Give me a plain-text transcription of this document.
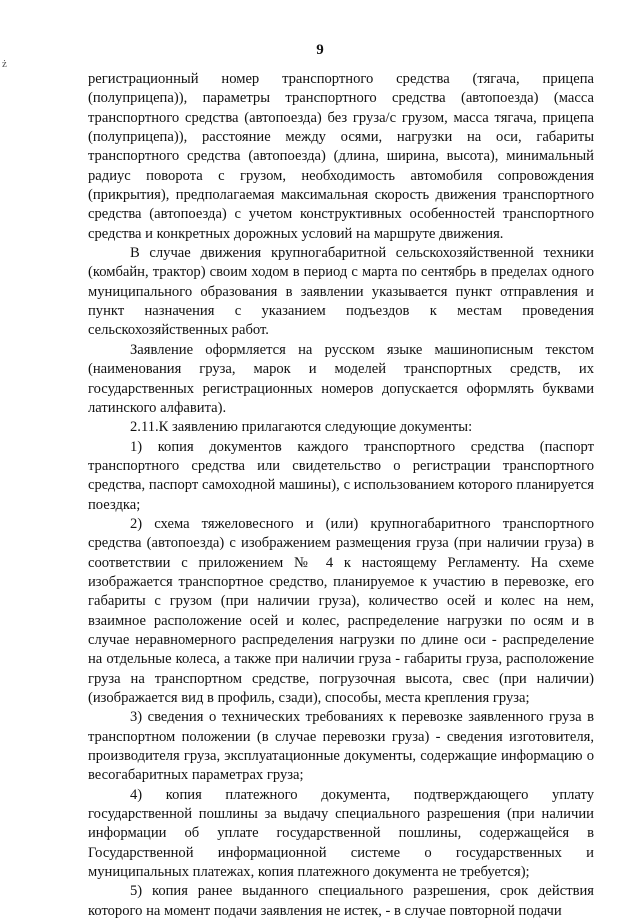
ż
9

регистрационный номер транспортного средства (тягача, прицепа (полуприцепа)), параметры транспортного средства (автопоезда) (масса транспортного средства (автопоезда) без груза/с грузом, масса тягача, прицепа (полуприцепа)), расстояние между осями, нагрузки на оси, габариты транспортного средства (автопоезда) (длина, ширина, высота), минимальный радиус поворота с грузом, необходимость автомобиля сопровождения (прикрытия), предполагаемая максимальная скорость движения транспортного средства (автопоезда) с учетом конструктивных особенностей транспортного средства и конкретных дорожных условий на маршруте движения.

В случае движения крупногабаритной сельскохозяйственной техники (комбайн, трактор) своим ходом в период с марта по сентябрь в пределах одного муниципального образования в заявлении указывается пункт отправления и пункт назначения с указанием подъездов к местам проведения сельскохозяйственных работ.

Заявление оформляется на русском языке машинописным текстом (наименования груза, марок и моделей транспортных средств, их государственных регистрационных номеров допускается оформлять буквами латинского алфавита).

2.11.К заявлению прилагаются следующие документы:

1) копия документов каждого транспортного средства (паспорт транспортного средства или свидетельство о регистрации транспортного средства, паспорт самоходной машины), с использованием которого планируется поездка;

2) схема тяжеловесного и (или) крупногабаритного транспортного средства (автопоезда) с изображением размещения груза (при наличии груза) в соответствии с приложением № 4 к настоящему Регламенту. На схеме изображается транспортное средство, планируемое к участию в перевозке, его габариты с грузом (при наличии груза), количество осей и колес на нем, взаимное расположение осей и колес, распределение нагрузки по осям и в случае неравномерного распределения нагрузки по длине оси - распределение на отдельные колеса, а также при наличии груза - габариты груза, расположение груза на транспортном средстве, погрузочная высота, свес (при наличии) (изображается вид в профиль, сзади), способы, места крепления груза;

3) сведения о технических требованиях к перевозке заявленного груза в транспортном положении (в случае перевозки груза) - сведения изготовителя, производителя груза, эксплуатационные документы, содержащие информацию о весогабаритных параметрах груза;

4) копия платежного документа, подтверждающего уплату государственной пошлины за выдачу специального разрешения (при наличии информации об уплате государственной пошлины, содержащейся в Государственной информационной системе о государственных и муниципальных платежах, копия платежного документа не требуется);

5) копия ранее выданного специального разрешения, срок действия которого на момент подачи заявления не истек, - в случае повторной подачи
